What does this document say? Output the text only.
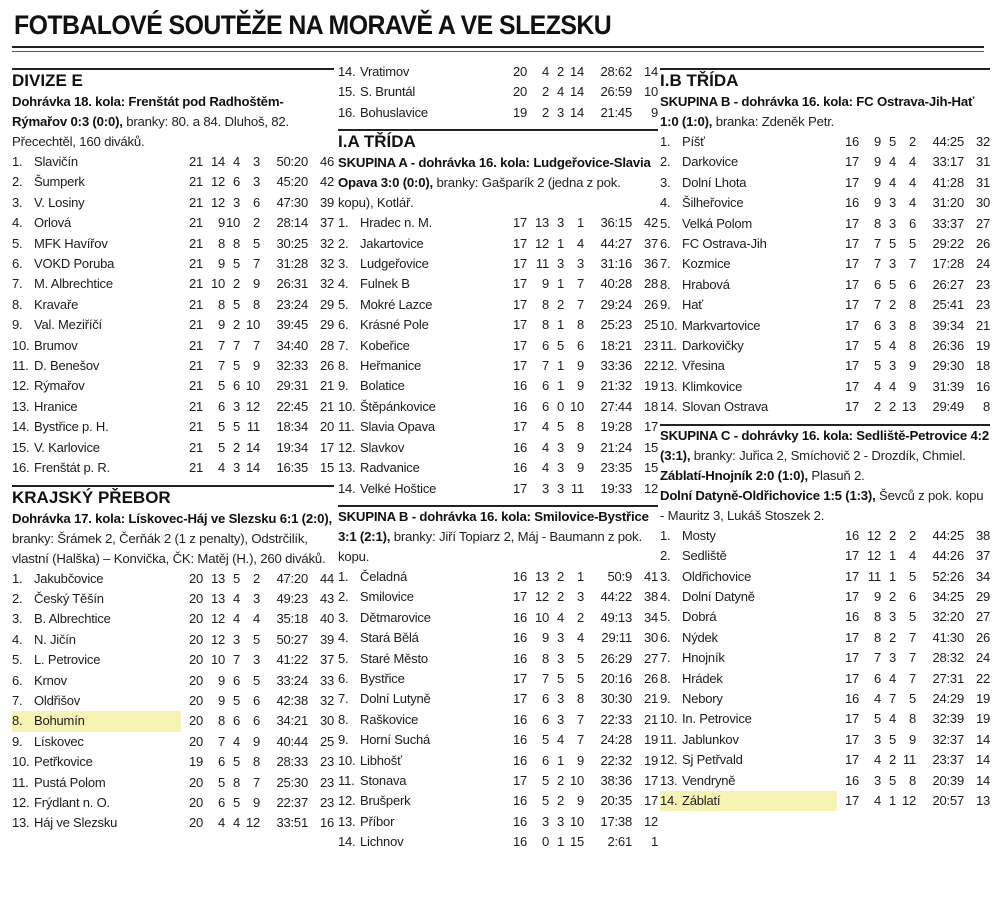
FOTBALOVÉ SOUTĚŽE NA MORAVĚ A VE SLEZSKU
DIVIZE E

Dohrávka 18. kola: Frenštát pod Radhoštěm-Rýmařov 0:3 (0:0), branky: 80. a 84. Dluhoš, 82. Přecechtěl, 160 diváků.

1.	Slavičín	21	14	4	3	50:20	46
2.	Šumperk	21	12	6	3	45:20	42
3.	V. Losiny	21	12	3	6	47:30	39
4.	Orlová	21	9	10	2	28:14	37
5.	MFK Havířov	21	8	8	5	30:25	32
6.	VOKD Poruba	21	9	5	7	31:28	32
7.	M. Albrechtice	21	10	2	9	26:31	32
8.	Kravaře	21	8	5	8	23:24	29
9.	Val. Meziříčí	21	9	2	10	39:45	29
10.	Brumov	21	7	7	7	34:40	28
11.	D. Benešov	21	7	5	9	32:33	26
12.	Rýmařov	21	5	6	10	29:31	21
13.	Hranice	21	6	3	12	22:45	21
14.	Bystřice p. H.	21	5	5	11	18:34	20
15.	V. Karlovice	21	5	2	14	19:34	17
16.	Frenštát p. R.	21	4	3	14	16:35	15
KRAJSKÝ PŘEBOR

Dohrávka 17. kola: Lískovec-Háj ve Slezsku 6:1 (2:0), branky: Šrámek 2, Čerňák 2 (1 z penalty), Odstrčilík, vlastní (Halška) – Konvička, ČK: Matěj (H.), 260 diváků.

1.	Jakubčovice	20	13	5	2	47:20	44
2.	Český Těšín	20	13	4	3	49:23	43
3.	B. Albrechtice	20	12	4	4	35:18	40
4.	N. Jičín	20	12	3	5	50:27	39
5.	L. Petrovice	20	10	7	3	41:22	37
6.	Krnov	20	9	6	5	33:24	33
7.	Oldřišov	20	9	5	6	42:38	32
8.	Bohumín	20	8	6	6	34:21	30
9.	Lískovec	20	7	4	9	40:44	25
10.	Petřkovice	19	6	5	8	28:33	23
11.	Pustá Polom	20	5	8	7	25:30	23
12.	Frýdlant n. O.	20	6	5	9	22:37	23
13.	Háj ve Slezsku	20	4	4	12	33:51	16
14.	Vratimov	20	4	2	14	28:62	14
15.	S. Bruntál	20	2	4	14	26:59	10
16.	Bohuslavice	19	2	3	14	21:45	9
I.A TŘÍDA

SKUPINA A - dohrávka 16. kola: Ludgeřovice-Slavia Opava 3:0 (0:0), branky: Gašparík 2 (jedna z pok. kopu), Kotlář.

1.	Hradec n. M.	17	13	3	1	36:15	42
2.	Jakartovice	17	12	1	4	44:27	37
3.	Ludgeřovice	17	11	3	3	31:16	36
4.	Fulnek B	17	9	1	7	40:28	28
5.	Mokré Lazce	17	8	2	7	29:24	26
6.	Krásné Pole	17	8	1	8	25:23	25
7.	Kobeřice	17	6	5	6	18:21	23
8.	Heřmanice	17	7	1	9	33:36	22
9.	Bolatice	16	6	1	9	21:32	19
10.	Štěpánkovice	16	6	0	10	27:44	18
11.	Slavia Opava	17	4	5	8	19:28	17
12.	Slavkov	16	4	3	9	21:24	15
13.	Radvanice	16	4	3	9	23:35	15
14.	Velké Hoštice	17	3	3	11	19:33	12

SKUPINA B - dohrávka 16. kola: Smilovice-Bystřice 3:1 (2:1), branky: Jiří Topiarz 2, Máj - Baumann z pok. kopu.

1.	Čeladná	16	13	2	1	50:9	41
2.	Smilovice	17	12	2	3	44:22	38
3.	Dětmarovice	16	10	4	2	49:13	34
4.	Stará Bělá	16	9	3	4	29:11	30
5.	Staré Město	16	8	3	5	26:29	27
6.	Bystřice	17	7	5	5	20:16	26
7.	Dolní Lutyně	17	6	3	8	30:30	21
8.	Raškovice	16	6	3	7	22:33	21
9.	Horní Suchá	16	5	4	7	24:28	19
10.	Libhošť	16	6	1	9	22:32	19
11.	Stonava	17	5	2	10	38:36	17
12.	Brušperk	16	5	2	9	20:35	17
13.	Příbor	16	3	3	10	17:38	12
14.	Lichnov	16	0	1	15	2:61	1
I.B TŘÍDA

SKUPINA B - dohrávka 16. kola: FC Ostrava-Jih-Hať 1:0 (1:0), branka: Zdeněk Petr.

1.	Píšť	16	9	5	2	44:25	32
2.	Darkovice	17	9	4	4	33:17	31
3.	Dolní Lhota	17	9	4	4	41:28	31
4.	Šilheřovice	16	9	3	4	31:20	30
5.	Velká Polom	17	8	3	6	33:37	27
6.	FC Ostrava-Jih	17	7	5	5	29:22	26
7.	Kozmice	17	7	3	7	17:28	24
8.	Hrabová	17	6	5	6	26:27	23
9.	Hať	17	7	2	8	25:41	23
10.	Markvartovice	17	6	3	8	39:34	21
11.	Darkovičky	17	5	4	8	26:36	19
12.	Vřesina	17	5	3	9	29:30	18
13.	Klimkovice	17	4	4	9	31:39	16
14.	Slovan Ostrava	17	2	2	13	29:49	8

SKUPINA C - dohrávky 16. kola: Sedliště-Petrovice 4:2 (3:1), branky: Juřica 2, Smíchovič 2 - Drozdík, Chmiel.

Záblatí-Hnojník 2:0 (1:0), Plasuň 2.

Dolní Datyně-Oldřichovice 1:5 (1:3), Ševců z pok. kopu - Mauritz 3, Lukáš Stoszek 2.

1.	Mosty	16	12	2	2	44:25	38
2.	Sedliště	17	12	1	4	44:26	37
3.	Oldřichovice	17	11	1	5	52:26	34
4.	Dolní Datyně	17	9	2	6	34:25	29
5.	Dobrá	16	8	3	5	32:20	27
6.	Nýdek	17	8	2	7	41:30	26
7.	Hnojník	17	7	3	7	28:32	24
8.	Hrádek	17	6	4	7	27:31	22
9.	Nebory	16	4	7	5	24:29	19
10.	In. Petrovice	17	5	4	8	32:39	19
11.	Jablunkov	17	3	5	9	32:37	14
12.	Sj Petřvald	17	4	2	11	23:37	14
13.	Vendryně	16	3	5	8	20:39	14
14.	Záblatí	17	4	1	12	20:57	13
